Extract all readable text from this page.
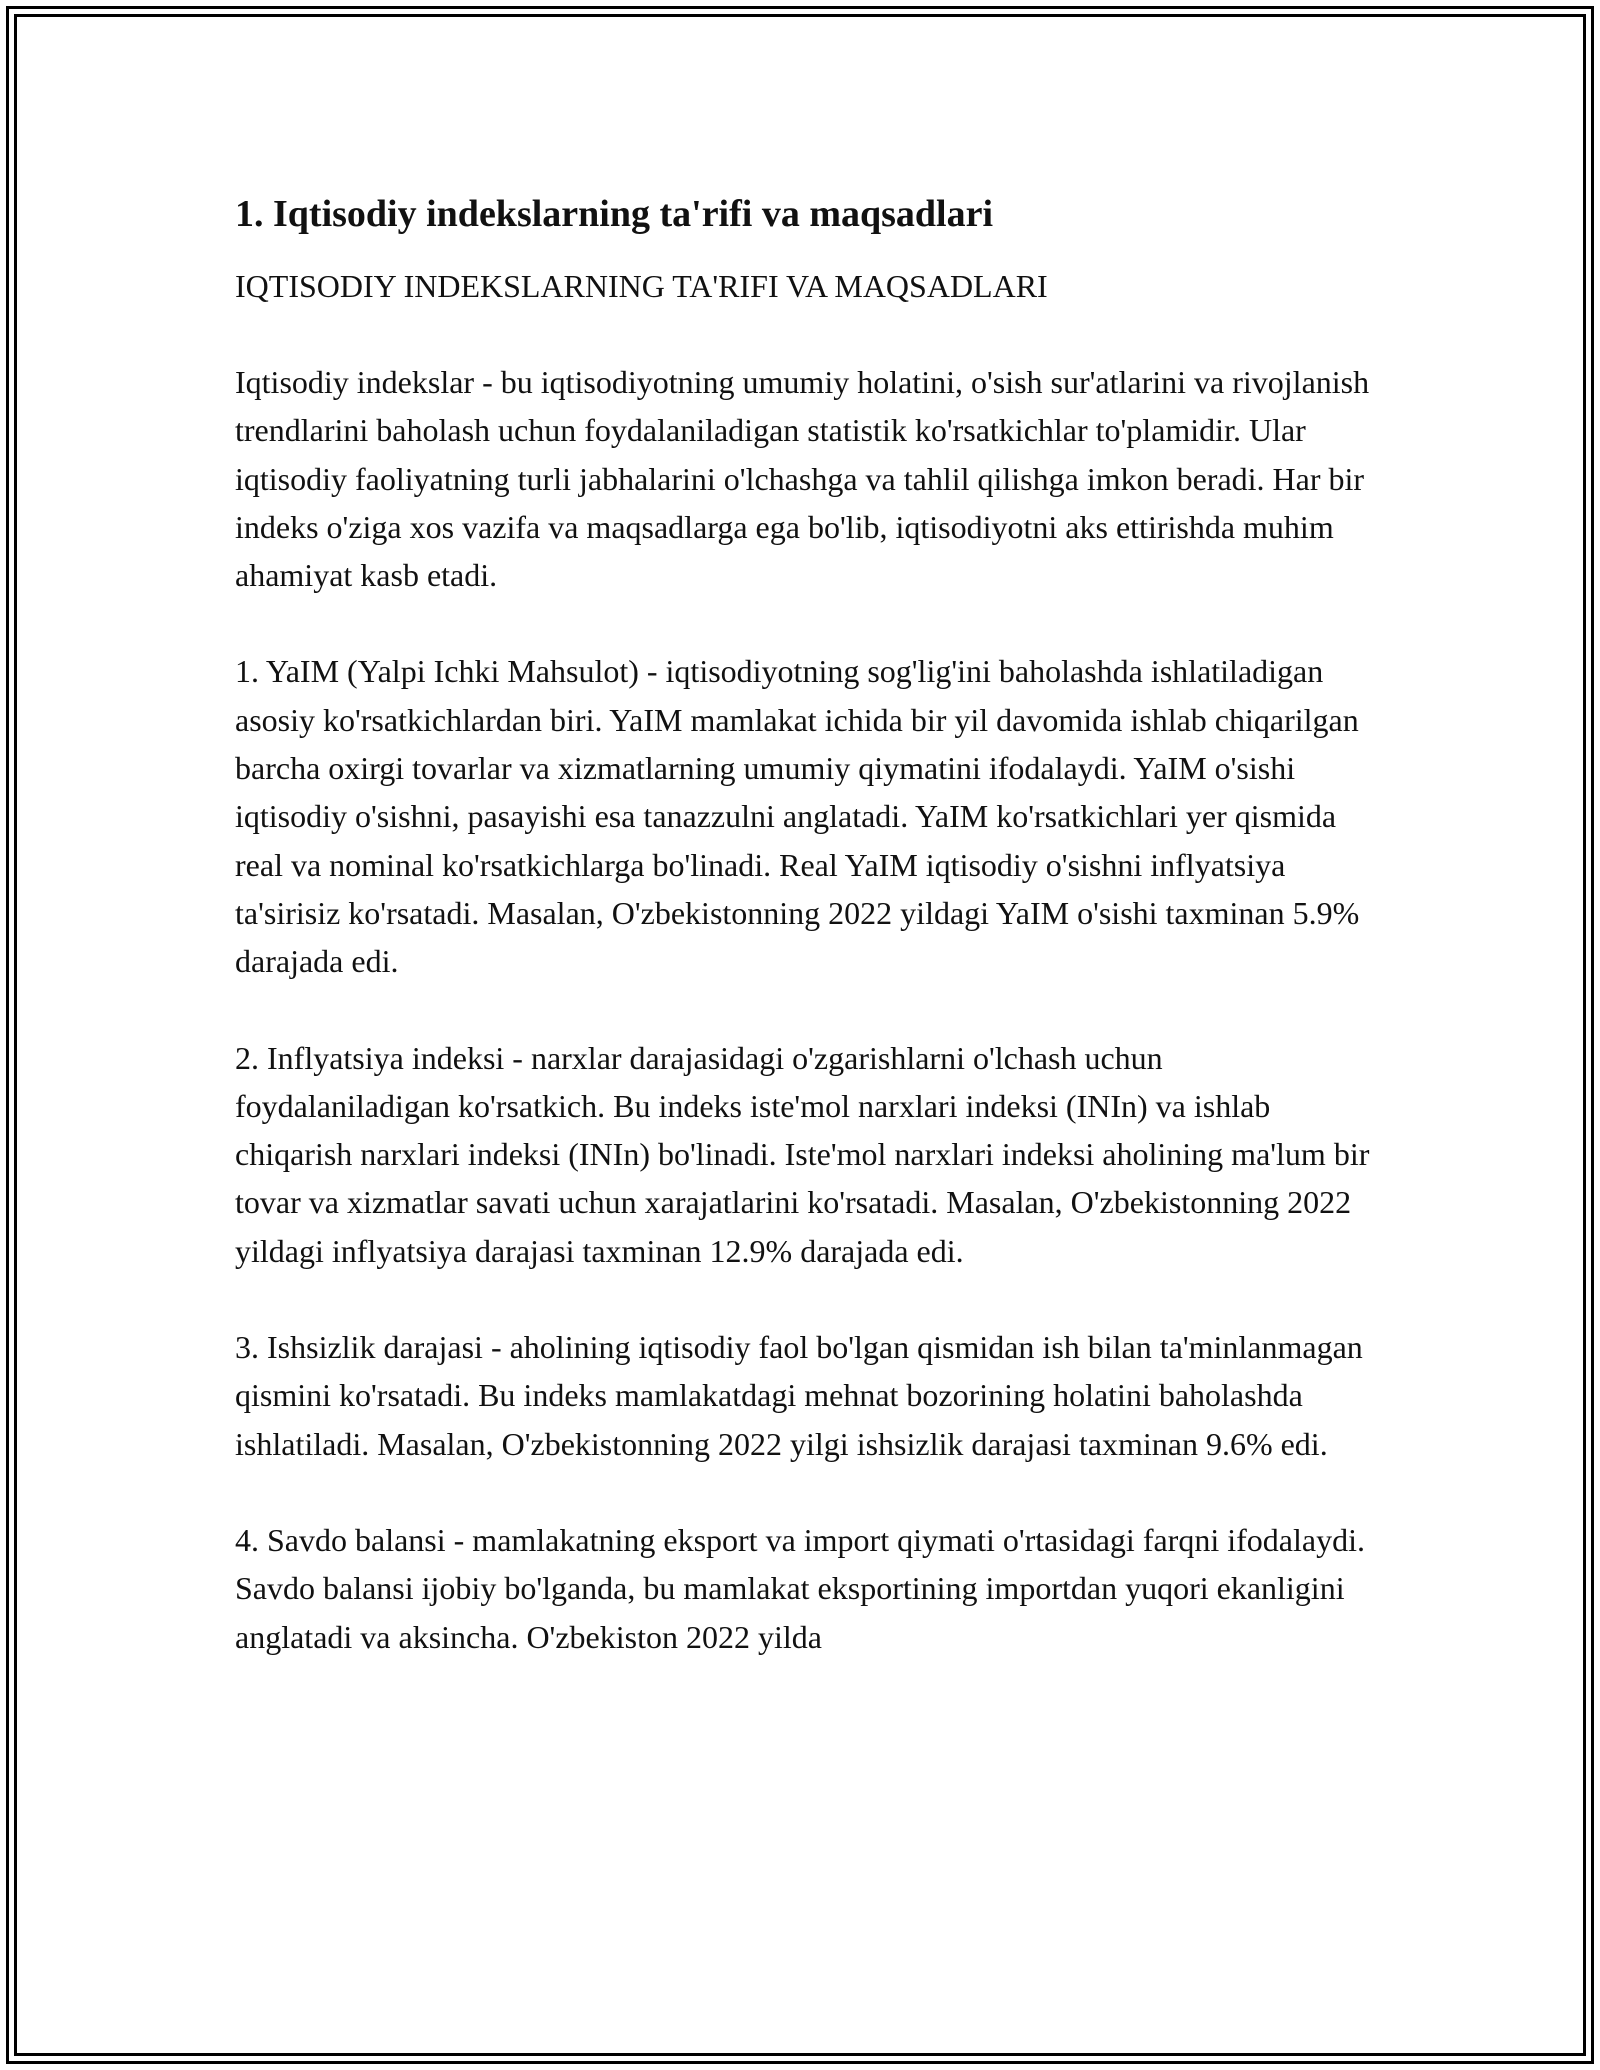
1. Iqtisodiy indekslarning ta'rifi va maqsadlari

IQTISODIY INDEKSLARNING TA'RIFI VA MAQSADLARI

Iqtisodiy indekslar - bu iqtisodiyotning umumiy holatini, o'sish sur'atlarini va rivojlanish trendlarini baholash uchun foydalaniladigan statistik ko'rsatkichlar to'plamidir. Ular iqtisodiy faoliyatning turli jabhalarini o'lchashga va tahlil qilishga imkon beradi. Har bir indeks o'ziga xos vazifa va maqsadlarga ega bo'lib, iqtisodiyotni aks ettirishda muhim ahamiyat kasb etadi.

1. YaIM (Yalpi Ichki Mahsulot) - iqtisodiyotning sog'lig'ini baholashda ishlatiladigan asosiy ko'rsatkichlardan biri. YaIM mamlakat ichida bir yil davomida ishlab chiqarilgan barcha oxirgi tovarlar va xizmatlarning umumiy qiymatini ifodalaydi. YaIM o'sishi iqtisodiy o'sishni, pasayishi esa tanazzulni anglatadi. YaIM ko'rsatkichlari yer qismida real va nominal ko'rsatkichlarga bo'linadi. Real YaIM iqtisodiy o'sishni inflyatsiya ta'sirisiz ko'rsatadi. Masalan, O'zbekistonning 2022 yildagi YaIM o'sishi taxminan 5.9% darajada edi.

2. Inflyatsiya indeksi - narxlar darajasidagi o'zgarishlarni o'lchash uchun foydalaniladigan ko'rsatkich. Bu indeks iste'mol narxlari indeksi (INIn) va ishlab chiqarish narxlari indeksi (INIn) bo'linadi. Iste'mol narxlari indeksi aholining ma'lum bir tovar va xizmatlar savati uchun xarajatlarini ko'rsatadi. Masalan, O'zbekistonning 2022 yildagi inflyatsiya darajasi taxminan 12.9% darajada edi.

3. Ishsizlik darajasi - aholining iqtisodiy faol bo'lgan qismidan ish bilan ta'minlanmagan qismini ko'rsatadi. Bu indeks mamlakatdagi mehnat bozorining holatini baholashda ishlatiladi. Masalan, O'zbekistonning 2022 yilgi ishsizlik darajasi taxminan 9.6% edi.

4. Savdo balansi - mamlakatning eksport va import qiymati o'rtasidagi farqni ifodalaydi. Savdo balansi ijobiy bo'lganda, bu mamlakat eksportining importdan yuqori ekanligini anglatadi va aksincha. O'zbekiston 2022 yilda
